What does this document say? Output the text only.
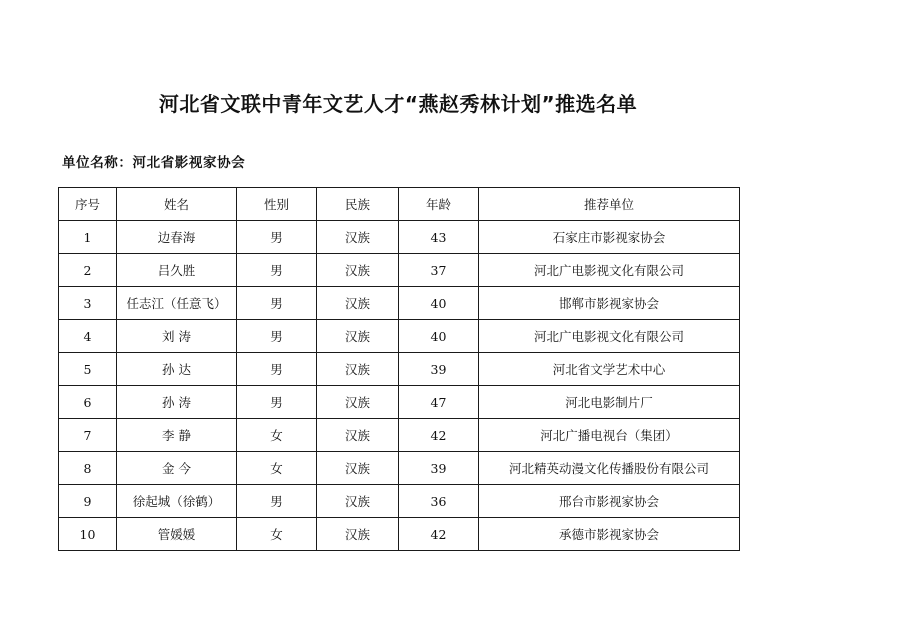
河北省文联中青年文艺人才“燕赵秀林计划”推选名单
单位名称：河北省影视家协会
序号	姓名	性别	民族	年龄	推荐单位
1	边春海	男	汉族	43	石家庄市影视家协会
2	吕久胜	男	汉族	37	河北广电影视文化有限公司
3	任志江（任意飞）	男	汉族	40	邯郸市影视家协会
4	刘 涛	男	汉族	40	河北广电影视文化有限公司
5	孙 达	男	汉族	39	河北省文学艺术中心
6	孙 涛	男	汉族	47	河北电影制片厂
7	李 静	女	汉族	42	河北广播电视台（集团）
8	金 今	女	汉族	39	河北精英动漫文化传播股份有限公司
9	徐起城（徐鹤）	男	汉族	36	邢台市影视家协会
10	管媛媛	女	汉族	42	承德市影视家协会
